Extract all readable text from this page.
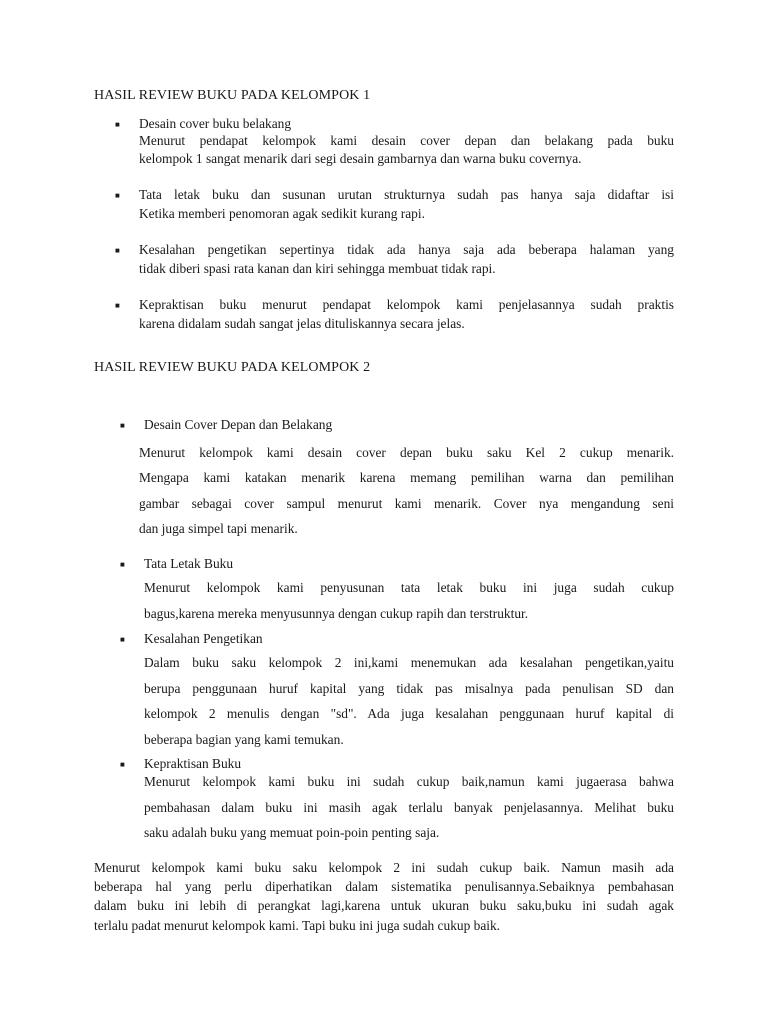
HASIL REVIEW BUKU PADA KELOMPOK 1
■ Desain cover buku belakang

Menurut pendapat kelompok kami desain cover depan dan belakang pada buku

kelompok 1 sangat menarik dari segi desain gambarnya dan warna buku covernya.

■ Tata letak buku dan susunan urutan strukturnya sudah pas hanya saja didaftar isi

Ketika memberi penomoran agak sedikit kurang rapi.

■ Kesalahan pengetikan sepertinya tidak ada hanya saja ada beberapa halaman yang

tidak diberi spasi rata kanan dan kiri sehingga membuat tidak rapi.

■ Kepraktisan buku menurut pendapat kelompok kami penjelasannya sudah praktis

karena didalam sudah sangat jelas dituliskannya secara jelas.

HASIL REVIEW BUKU PADA KELOMPOK 2
■ Desain Cover Depan dan Belakang

Menurut kelompok kami desain cover depan buku saku Kel 2 cukup menarik.

Mengapa kami katakan menarik karena memang pemilihan warna dan pemilihan

gambar sebagai cover sampul menurut kami menarik. Cover nya mengandung seni

dan juga simpel tapi menarik.

■ Tata Letak Buku

Menurut kelompok kami penyusunan tata letak buku ini juga sudah cukup

bagus,karena mereka menyusunnya dengan cukup rapih dan terstruktur.

■ Kesalahan Pengetikan

Dalam buku saku kelompok 2 ini,kami menemukan ada kesalahan pengetikan,yaitu

berupa penggunaan huruf kapital yang tidak pas misalnya pada penulisan SD dan

kelompok 2 menulis dengan "sd". Ada juga kesalahan penggunaan huruf kapital di

beberapa bagian yang kami temukan.

■ Kepraktisan Buku

Menurut kelompok kami buku ini sudah cukup baik,namun kami jugaerasa bahwa

pembahasan dalam buku ini masih agak terlalu banyak penjelasannya. Melihat buku

saku adalah buku yang memuat poin-poin penting saja.

Menurut kelompok kami buku saku kelompok 2 ini sudah cukup baik. Namun masih ada

beberapa hal yang perlu diperhatikan dalam sistematika penulisannya.Sebaiknya pembahasan

dalam buku ini lebih di perangkat lagi,karena untuk ukuran buku saku,buku ini sudah agak

terlalu padat menurut kelompok kami. Tapi buku ini juga sudah cukup baik.
